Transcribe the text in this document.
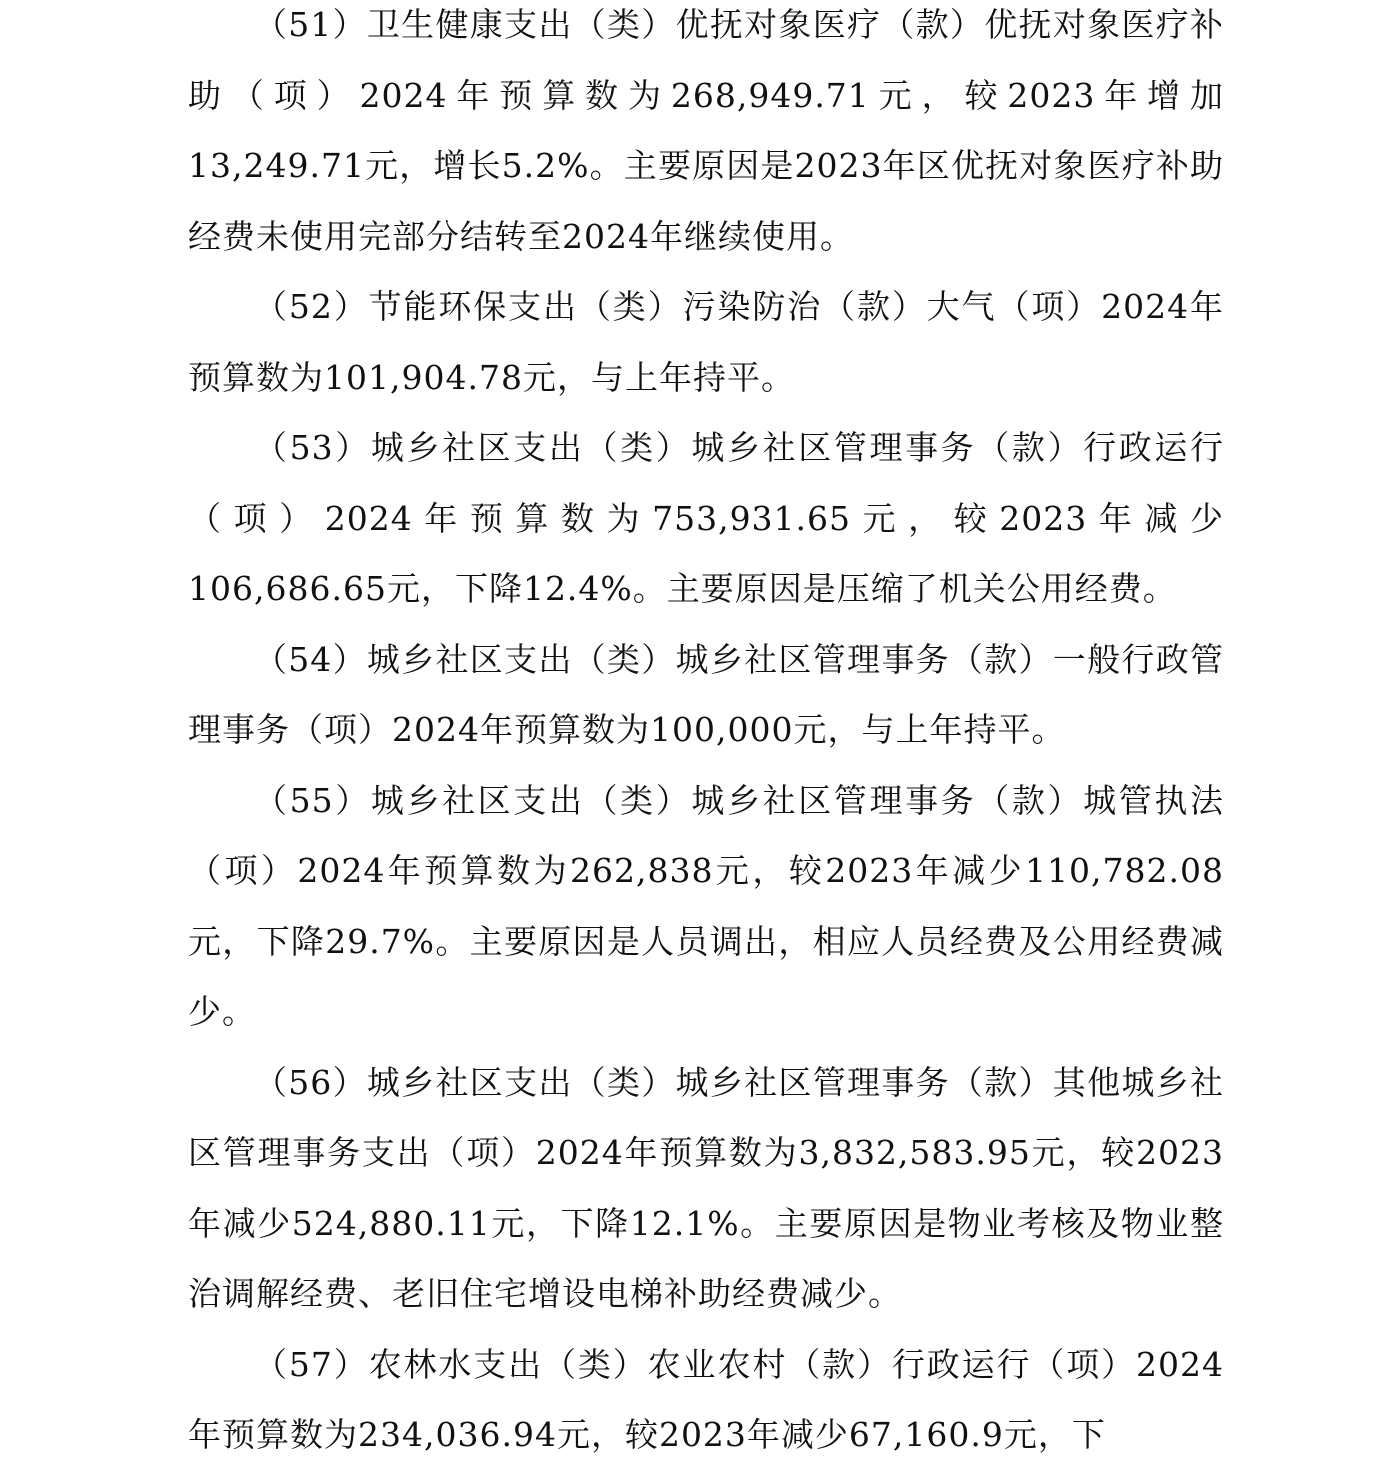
（51）卫生健康支出（类）优抚对象医疗（款）优抚对象医疗补助（项）2024年预算数为268,949.71元，较2023年增加13,249.71元，增长5.2%。主要原因是2023年区优抚对象医疗补助经费未使用完部分结转至2024年继续使用。

（52）节能环保支出（类）污染防治（款）大气（项）2024年预算数为101,904.78元，与上年持平。

（53）城乡社区支出（类）城乡社区管理事务（款）行政运行（项）2024年预算数为753,931.65元，较2023年减少106,686.65元，下降12.4%。主要原因是压缩了机关公用经费。

（54）城乡社区支出（类）城乡社区管理事务（款）一般行政管理事务（项）2024年预算数为100,000元，与上年持平。

（55）城乡社区支出（类）城乡社区管理事务（款）城管执法（项）2024年预算数为262,838元，较2023年减少110,782.08元，下降29.7%。主要原因是人员调出，相应人员经费及公用经费减少。

（56）城乡社区支出（类）城乡社区管理事务（款）其他城乡社区管理事务支出（项）2024年预算数为3,832,583.95元，较2023年减少524,880.11元，下降12.1%。主要原因是物业考核及物业整治调解经费、老旧住宅增设电梯补助经费减少。

（57）农林水支出（类）农业农村（款）行政运行（项）2024年预算数为234,036.94元，较2023年减少67,160.9元，下
